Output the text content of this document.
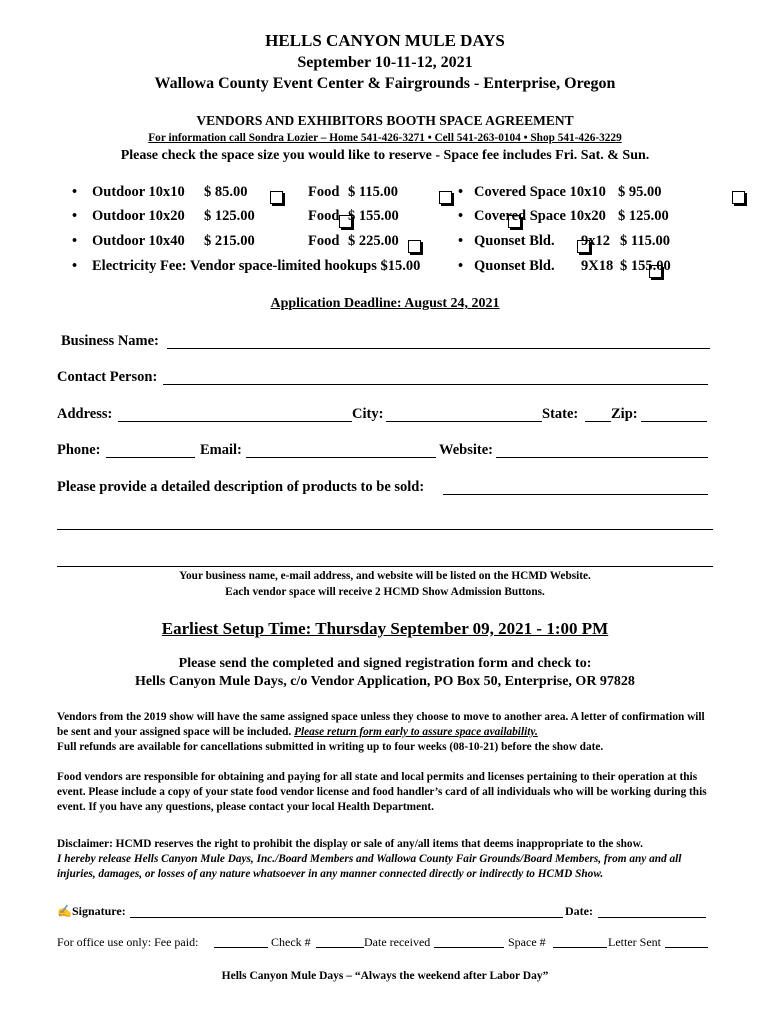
HELLS CANYON MULE DAYS
September 10-11-12, 2021
Wallowa County Event Center & Fairgrounds - Enterprise, Oregon
VENDORS AND EXHIBITORS BOOTH SPACE AGREEMENT
For information call Sondra Lozier – Home 541-426-3271 • Cell 541-263-0104 • Shop 541-426-3229
Please check the space size you would like to reserve - Space fee includes Fri. Sat. & Sun.
• Outdoor 10x10 $ 85.00
	Food $ 115.00
	• Covered Space 10x10 $ 95.00

• Outdoor 10x20 $ 125.00
	Food $ 155.00
	• Covered Space 10x20 $ 125.00

• Outdoor 10x40 $ 215.00
	Food $ 225.00
	• Quonset Bld. 9x12 $ 115.00

• Electricity Fee: Vendor space-limited hookups $15.00
	• Quonset Bld. 9X18 $ 155.00
Application Deadline: August 24, 2021
Business Name:
Contact Person:
Address:	City:	State: Zip:
Phone:	Email:	Website:
Please provide a detailed description of products to be sold:
Your business name, e-mail address, and website will be listed on the HCMD Website.
Each vendor space will receive 2 HCMD Show Admission Buttons.
Earliest Setup Time: Thursday September 09, 2021 - 1:00 PM
Please send the completed and signed registration form and check to:
Hells Canyon Mule Days, c/o Vendor Application, PO Box 50, Enterprise, OR 97828
Vendors from the 2019 show will have the same assigned space unless they choose to move to another area. A letter of confirmation will be sent and your assigned space will be included. Please return form early to assure space availability.
Full refunds are available for cancellations submitted in writing up to four weeks (08-10-21) before the show date.
Food vendors are responsible for obtaining and paying for all state and local permits and licenses pertaining to their operation at this event. Please include a copy of your state food vendor license and food handler’s card of all individuals who will be working during this event. If you have any questions, please contact your local Health Department.
Disclaimer: HCMD reserves the right to prohibit the display or sale of any/all items that deems inappropriate to the show.
I hereby release Hells Canyon Mule Days, Inc./Board Members and Wallowa County Fair Grounds/Board Members, from any and all injuries, damages, or losses of any nature whatsoever in any manner connected directly or indirectly to HCMD Show.
✍Signature:	Date:
For office use only: Fee paid:	Check #	Date received	Space #	Letter Sent
Hells Canyon Mule Days – “Always the weekend after Labor Day”
